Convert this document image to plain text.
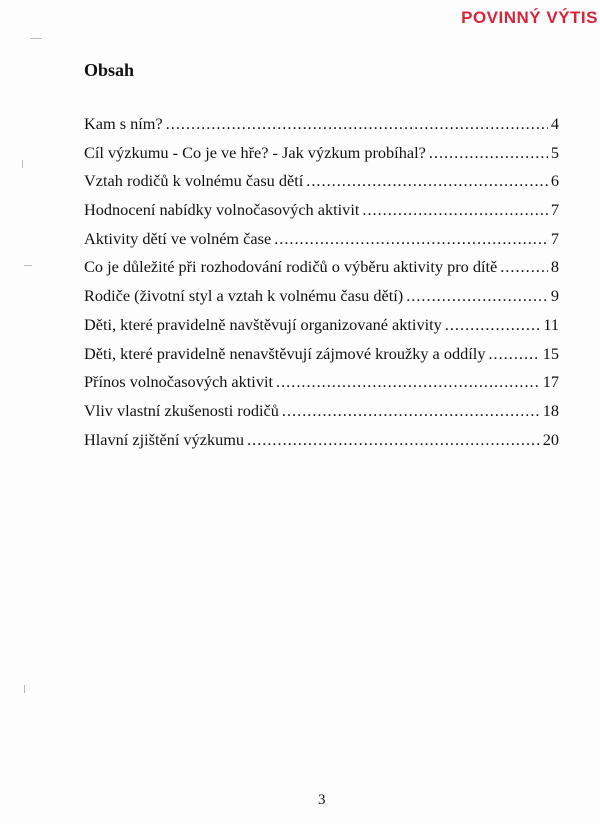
POVINNÝ VÝTIS
Obsah
Kam s ním? .....	4
Cíl výzkumu - Co je ve hře? - Jak výzkum probíhal? .....	5
Vztah rodičů k volnému času dětí .....	6
Hodnocení nabídky volnočasových aktivit .....	7
Aktivity dětí ve volném čase .....	7
Co je důležité při rozhodování rodičů o výběru aktivity pro dítě .....	8
Rodiče (životní styl a vztah k volnému času dětí) .....	9
Děti, které pravidelně navštěvují organizované aktivity .....	11
Děti, které pravidelně nenavštěvují zájmové kroužky a oddíly .....	15
Přínos volnočasových aktivit .....	17
Vliv vlastní zkušenosti rodičů .....	18
Hlavní zjištění výzkumu .....	20
3
